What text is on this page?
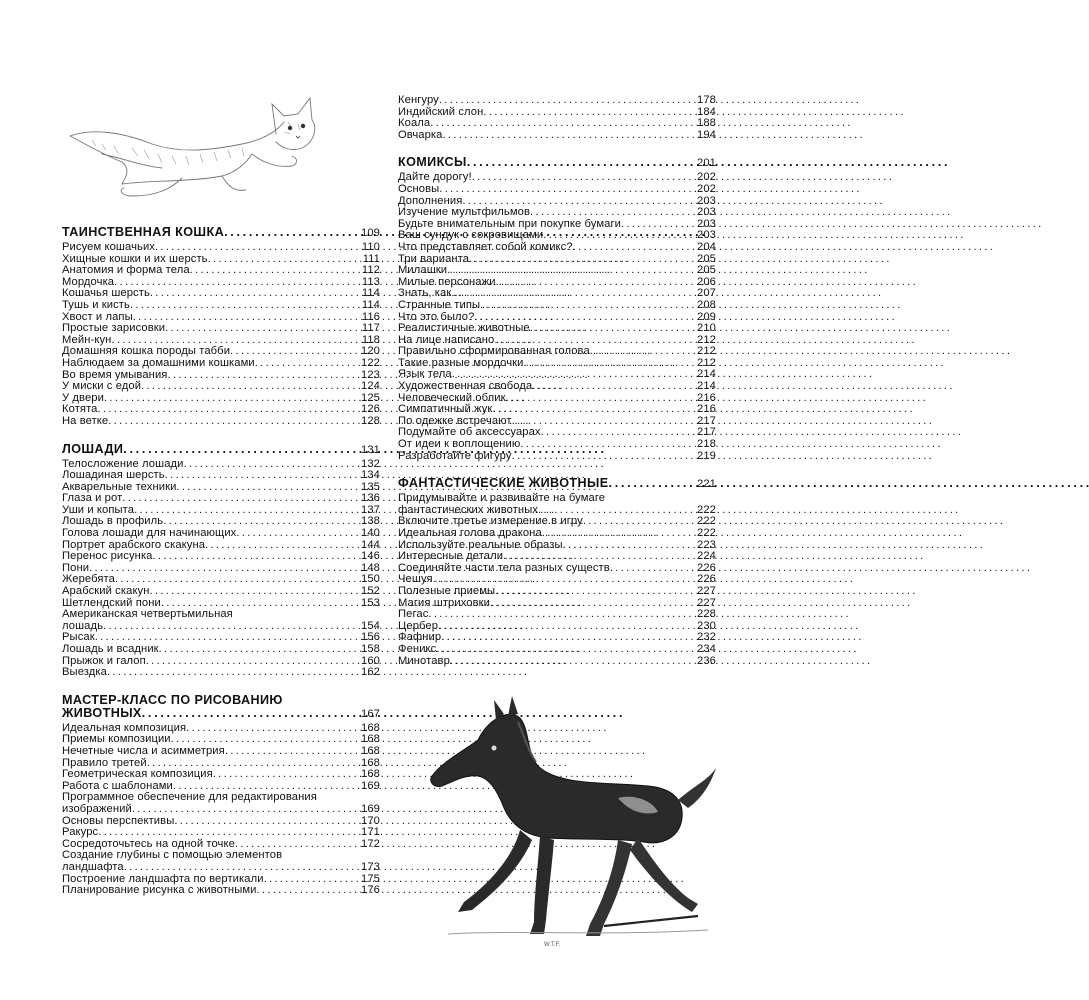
ТАИНСТВЕННАЯ КОШКА . . .	109
Рисуем кошачьих . . .	110
Хищные кошки и их шерсть . . .	111
Анатомия и форма тела . . .	112
Мордочка . . .	113
Кошачья шерсть . . .	114
Тушь и кисть . . .	114
Хвост и лапы . . .	116
Простые зарисовки . . .	117
Мейн-кун . . .	118
Домашняя кошка породы табби . . .	120
Наблюдаем за домашними кошками . . .	122
Во время умывания . . .	123
У миски с едой . . .	124
У двери . . .	125
Котята . . .	126
На ветке . . .	128
ЛОШАДИ . . .	131
Телосложение лошади . . .	132
Лошадиная шерсть . . .	134
Акварельные техники . . .	135
Глаза и рот . . .	136
Уши и копыта . . .	137
Лошадь в профиль . . .	138
Голова лошади для начинающих . . .	140
Портрет арабского скакуна . . .	144
Перенос рисунка . . .	146
Пони . . .	148
Жеребята . . .	150
Арабский скакун . . .	152
Шетлендский пони . . .	153
Американская четвертьмильная
лошадь . . .	154
Рысак . . .	156
Лошадь и всадник . . .	158
Прыжок и галоп . . .	160
Выездка . . .	162
МАСТЕР-КЛАСС ПО РИСОВАНИЮ
ЖИВОТНЫХ . . .	167
Идеальная композиция . . .	168
Приемы композиции . . .	168
Нечетные числа и асимметрия . . .	168
Правило третей . . .	168
Геометрическая композиция . . .	168
Работа с шаблонами . . .	169
Программное обеспечение для редактирования
изображений . . .	169
Основы перспективы . . .	170
Ракурс . . .	171
Сосредоточьтесь на одной точке . . .	172
Создание глубины с помощью элементов
ландшафта . . .	173
Построение ландшафта по вертикали . . .	175
Планирование рисунка с животными . . .	176
Кенгуру . . .	178
Индийский слон . . .	184
Коала . . .	188
Овчарка . . .	194
КОМИКСЫ . . .	201
Дайте дорогу! . . .	202
Основы . . .	202
Дополнения . . .	203
Изучение мультфильмов . . .	203
Будьте внимательным при покупке бумаги . . .	203
Ваш сундук с сокровищами . . .	203
Что представляет собой комикс? . . .	204
Три варианта . . .	205
Милашки . . .	205
Милые персонажи . . .	206
Знать, как... . . .	207
Странные типы . . .	208
Что это было? . . .	209
Реалистичные животные . . .	210
На лице написано . . .	212
Правильно сформированная голова . . .	212
Такие разные мордочки . . .	212
Язык тела . . .	214
Художественная свобода . . .	214
Человеческий облик . . .	216
Симпатичный жук . . .	216
По одежке встречают . . .	217
Подумайте об аксессуарах . . .	217
От идеи к воплощению . . .	218
Разработайте фигуру . . .	219
ФАНТАСТИЧЕСКИЕ ЖИВОТНЫЕ . . .	221
Придумывайте и развивайте на бумаге
фантастических животных . . .	222
Включите третье измерение в игру . . .	222
Идеальная голова дракона . . .	222
Используйте реальные образы . . .	223
Интересные детали . . .	224
Соединяйте части тела разных существ . . .	226
Чешуя . . .	226
Полезные приемы . . .	227
Магия штриховки . . .	227
Пегас . . .	228
Цербер . . .	230
Фафнир . . .	232
Феникс . . .	234
Минотавр . . .	236
W.T.F.
